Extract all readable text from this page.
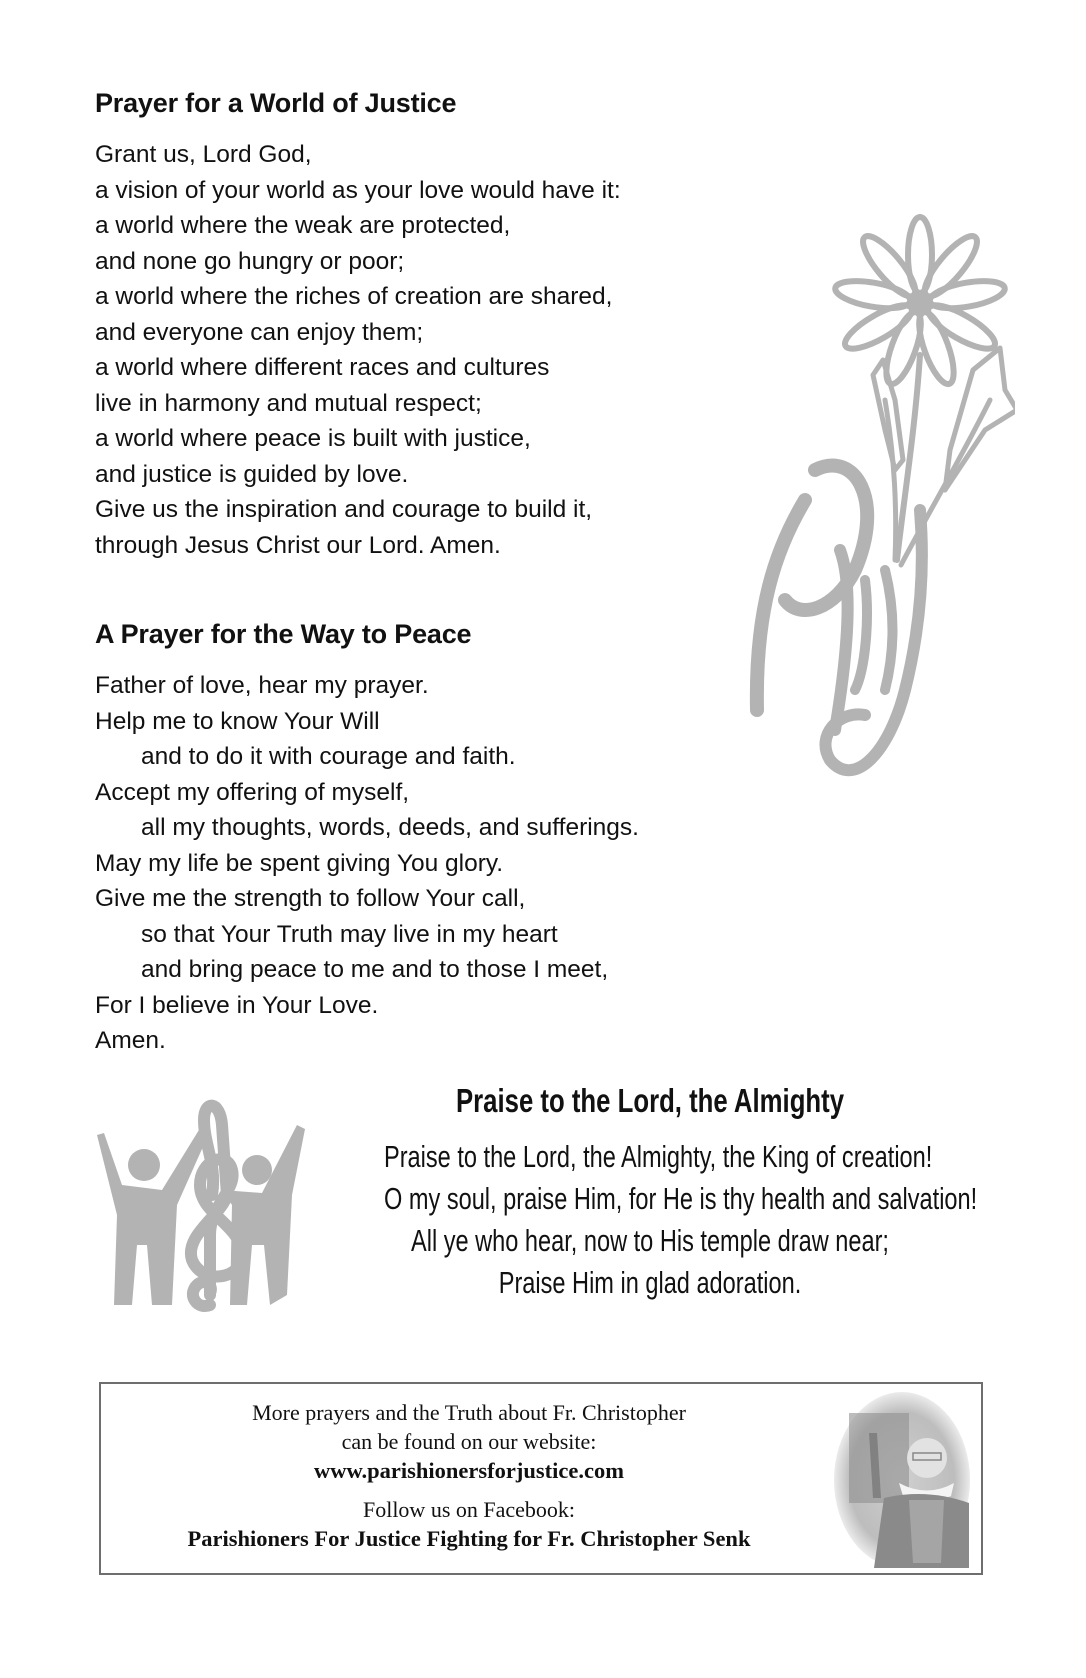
Prayer for a World of Justice
Grant us, Lord God,
a vision of your world as your love would have it:
a world where the weak are protected,
and none go hungry or poor;
a world where the riches of creation are shared,
and everyone can enjoy them;
a world where different races and cultures
live in harmony and mutual respect;
a world where peace is built with justice,
and justice is guided by love.
Give us the inspiration and courage to build it,
through Jesus Christ our Lord. Amen.
A Prayer for the Way to Peace
Father of love, hear my prayer.
Help me to know Your Will
and to do it with courage and faith.
Accept my offering of myself,
all my thoughts, words, deeds, and sufferings.
May my life be spent giving You glory.
Give me the strength to follow Your call,
so that Your Truth may live in my heart
and bring peace to me and to those I meet,
For I believe in Your Love.
Amen.
Praise to the Lord, the Almighty
Praise to the Lord, the Almighty, the King of creation!
O my soul, praise Him, for He is thy health and salvation!
All ye who hear, now to His temple draw near;
Praise Him in glad adoration.
More prayers and the Truth about Fr. Christopher
can be found on our website:
www.parishionersforjustice.com
Follow us on Facebook:
Parishioners For Justice Fighting for Fr. Christopher Senk
